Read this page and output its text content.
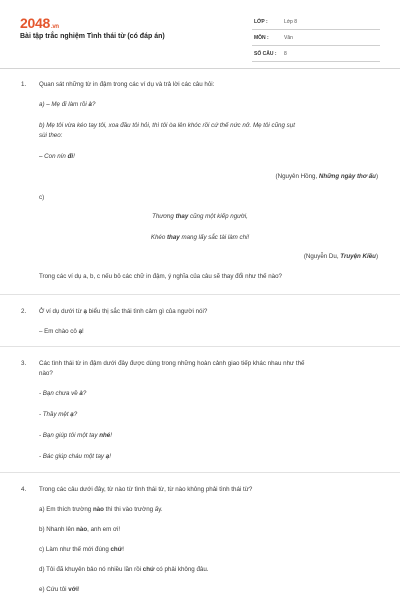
2048.vn
Bài tập trắc nghiệm Tình thái từ (có đáp án)
LỚP :	Lớp 8
MÔN :	Văn
SỐ CÂU : 8
1. Quan sát những từ in đậm trong các ví dụ và trả lời các câu hỏi:
a) – Mẹ đi làm rồi à?
b) Mẹ tôi vừa kéo tay tôi, xoa đầu tôi hỏi, thì tôi òa lên khóc rồi cứ thế nức nở. Mẹ tôi cũng sụt
sùi theo:
– Con nín đi!
(Nguyên Hồng, Những ngày thơ ấu)
c)
Thương thay cũng một kiếp người,
Khéo thay mang lấy sắc tài làm chi!
(Nguyễn Du, Truyện Kiều)
Trong các ví dụ a, b, c nếu bỏ các chữ in đậm, ý nghĩa của câu sẽ thay đổi như thế nào?
2. Ở ví dụ dưới từ ạ biểu thị sắc thái tình cảm gì của người nói?
– Em chào cô ạ!
3. Các tình thái từ in đậm dưới đây được dùng trong những hoàn cảnh giao tiếp khác nhau như thế
nào?
- Bạn chưa về à?
- Thầy mệt ạ?
- Bạn giúp tôi một tay nhé!
- Bác giúp cháu một tay ạ!
4. Trong các câu dưới đây, từ nào từ tình thái từ, từ nào không phải tình thái từ?
a) Em thích trường nào thì thi vào trường ấy.
b) Nhanh lên nào, anh em ơi!
c) Làm như thế mới đúng chứ!
d) Tôi đã khuyên bảo nó nhiều lần rồi chứ có phải không đâu.
e) Cứu tôi với!
